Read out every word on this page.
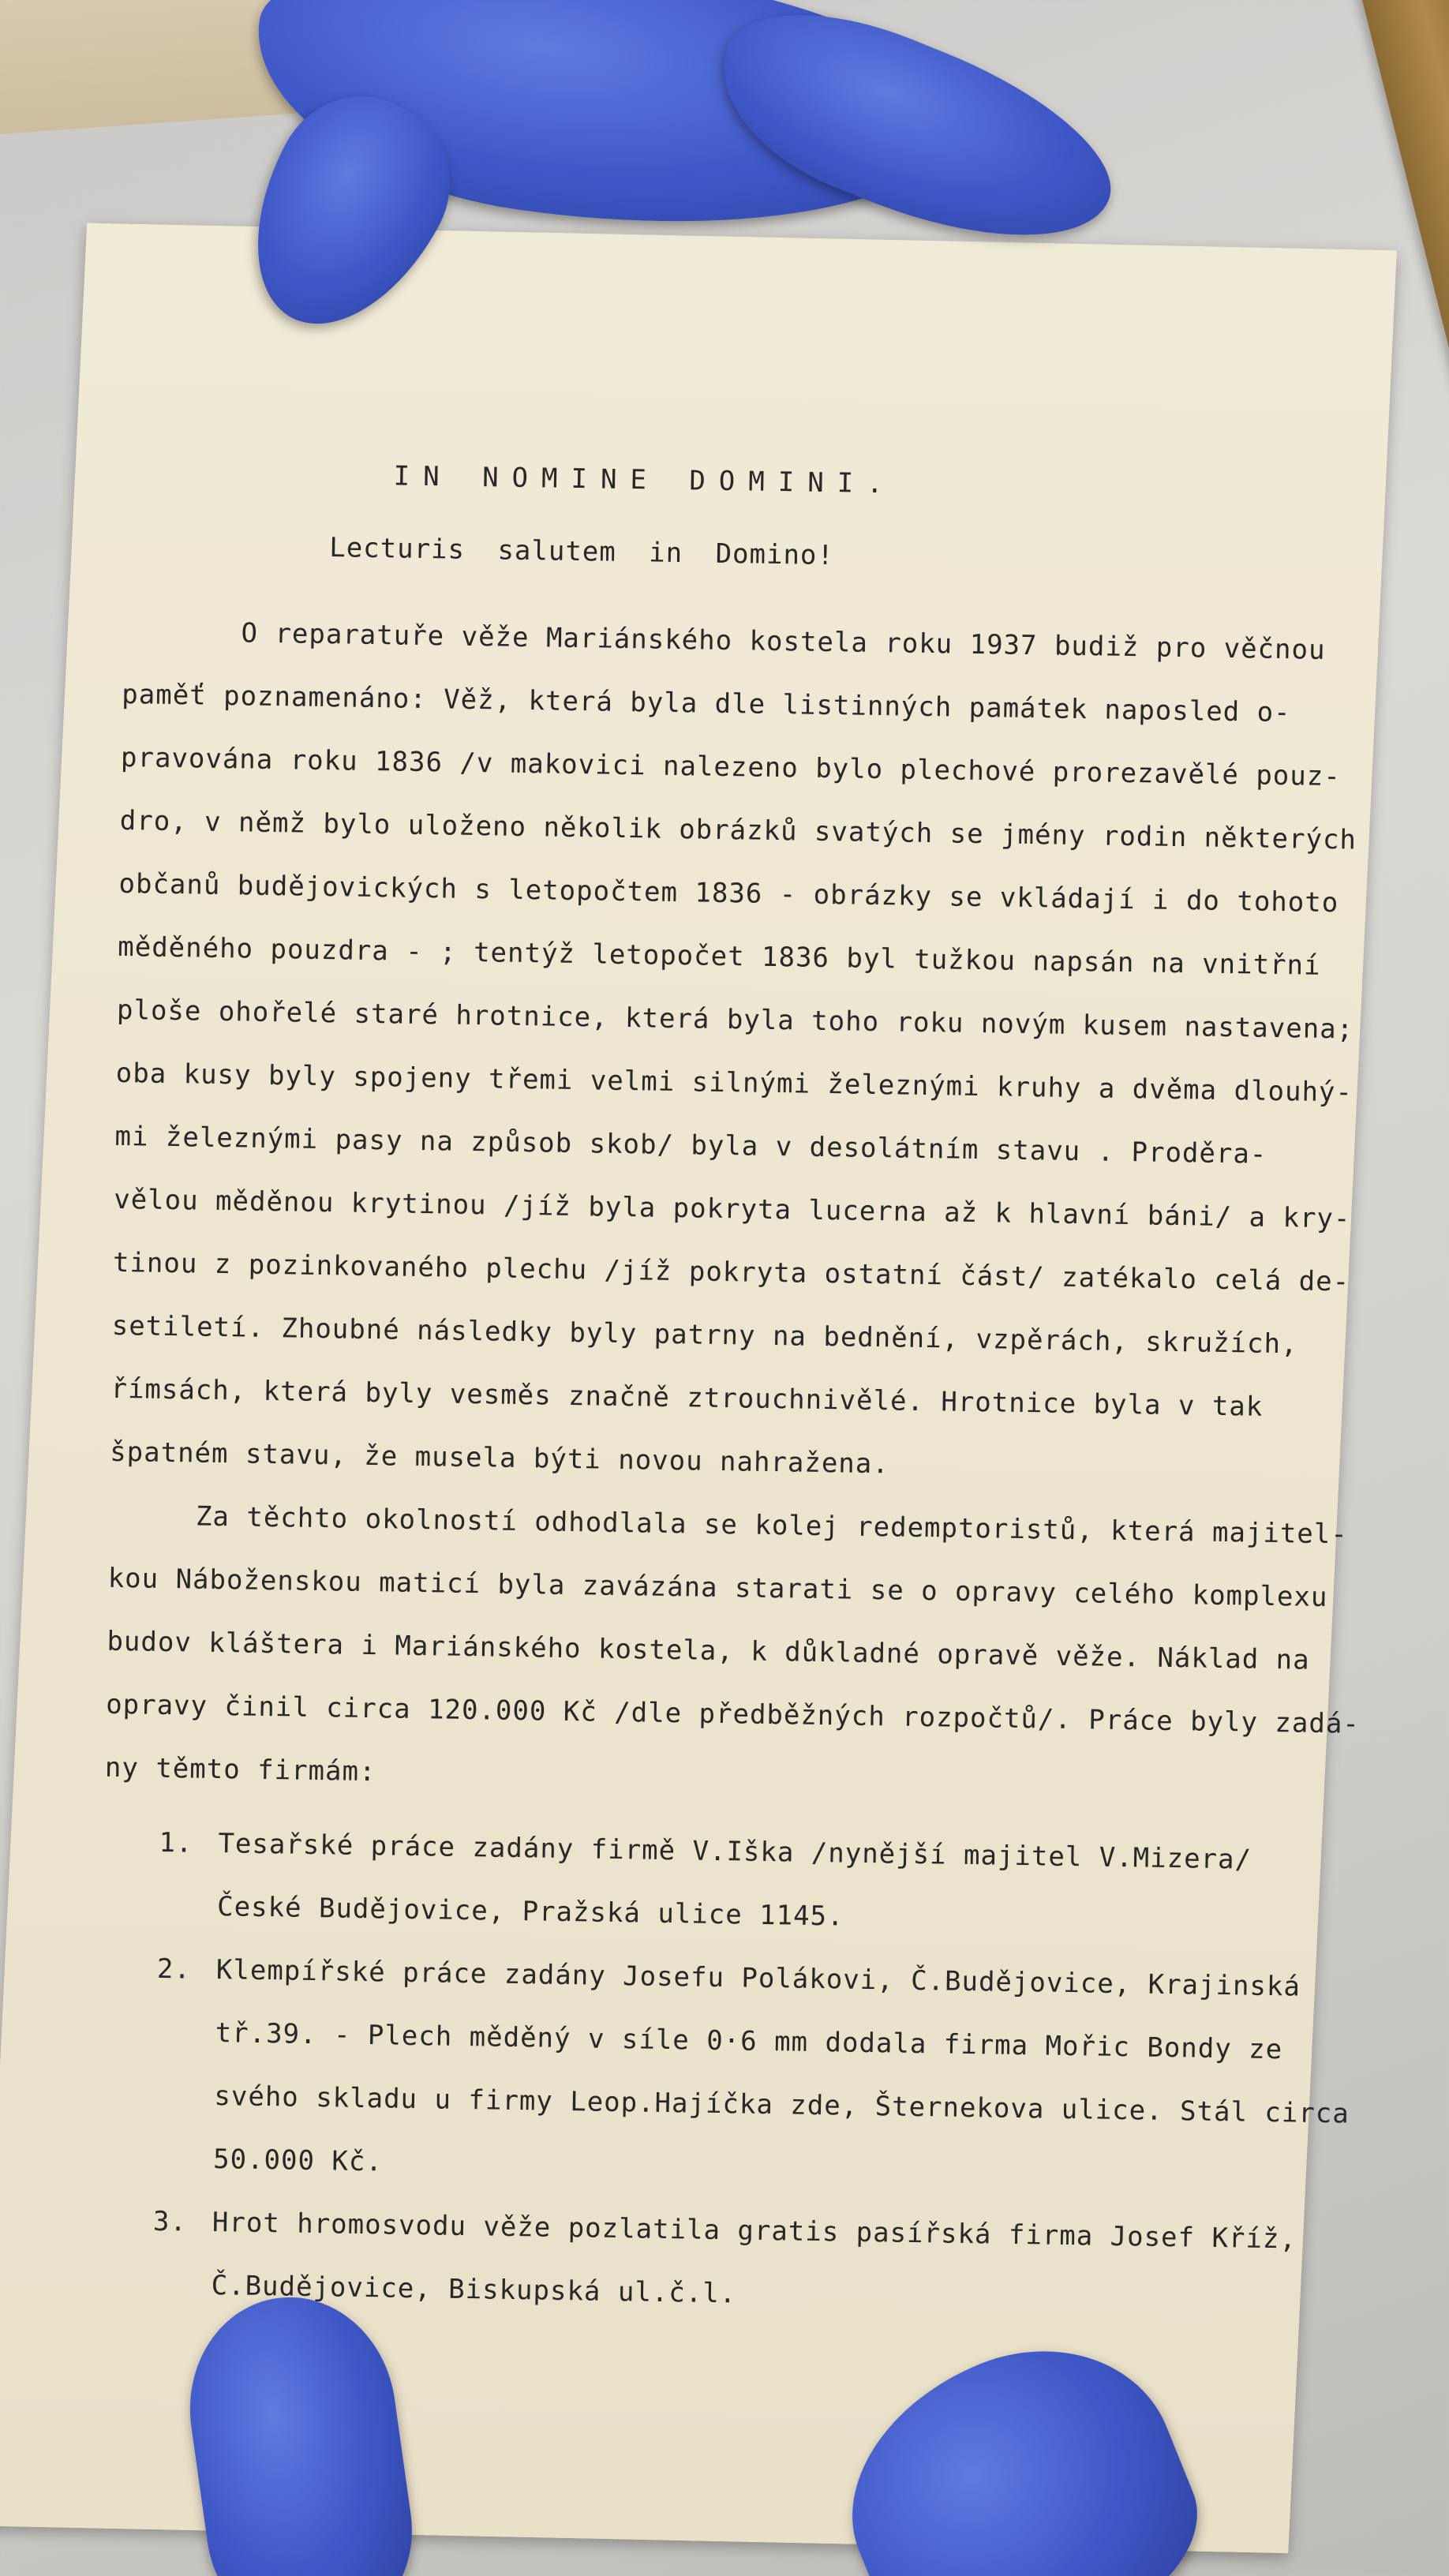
IN NOMINE DOMINI.
Lecturis salutem in Domino!
O reparatuře věže Mariánského kostela roku 1937 budiž pro věčnou
paměť poznamenáno: Věž, která byla dle listinných památek naposled o-
pravována roku 1836 /v makovici nalezeno bylo plechové prorezavělé pouz-
dro, v němž bylo uloženo několik obrázků svatých se jmény rodin některých
občanů budějovických s letopočtem 1836 - obrázky se vkládají i do tohoto
měděného pouzdra - ; tentýž letopočet 1836 byl tužkou napsán na vnitřní
ploše ohořelé staré hrotnice, která byla toho roku novým kusem nastavena;
oba kusy byly spojeny třemi velmi silnými železnými kruhy a dvěma dlouhý-
mi železnými pasy na způsob skob/ byla v desolátním stavu . Proděra-
vělou měděnou krytinou /jíž byla pokryta lucerna až k hlavní báni/ a kry-
tinou z pozinkovaného plechu /jíž pokryta ostatní část/ zatékalo celá de-
setiletí. Zhoubné následky byly patrny na bednění, vzpěrách, skružích,
římsách, která byly vesměs značně ztrouchnivělé. Hrotnice byla v tak
špatném stavu, že musela býti novou nahražena.
Za těchto okolností odhodlala se kolej redemptoristů, která majitel-
kou Náboženskou maticí byla zavázána starati se o opravy celého komplexu
budov kláštera i Mariánského kostela, k důkladné opravě věže. Náklad na
opravy činil circa 120.000 Kč /dle předběžných rozpočtů/. Práce byly zadá-
ny těmto firmám:
1. Tesařské práce zadány firmě V.Iška /nynější majitel V.Mizera/
České Budějovice, Pražská ulice 1145.
2. Klempířské práce zadány Josefu Polákovi, Č.Budějovice, Krajinská
tř.39. - Plech měděný v síle 0·6 mm dodala firma Mořic Bondy ze
svého skladu u firmy Leop.Hajíčka zde, Šternekova ulice. Stál circa
50.000 Kč.
3. Hrot hromosvodu věže pozlatila gratis pasířská firma Josef Kříž,
Č.Budějovice, Biskupská ul.č.l.
